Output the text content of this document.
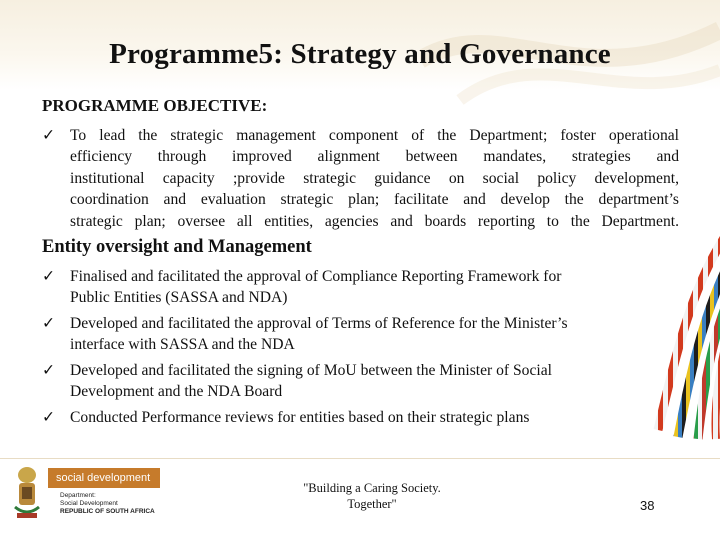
Programme5: Strategy and Governance
PROGRAMME OBJECTIVE:
✓ To lead the strategic management component of the Department; foster operational
efficiency through improved alignment between mandates, strategies and
institutional capacity ;provide strategic guidance on social policy development,
coordination and evaluation strategic plan; facilitate and develop the department’s
strategic plan; oversee all entities, agencies and boards reporting to the Department.
Entity oversight and Management
✓ Finalised and facilitated the approval of Compliance Reporting Framework for
Public Entities (SASSA and NDA)
✓ Developed and facilitated the approval of Terms of Reference for the Minister’s
interface with SASSA and the NDA
✓ Developed and facilitated the signing of MoU between the Minister of Social
Development and the NDA Board
✓ Conducted Performance reviews for entities based on their strategic plans
social development
Department:
Social Development
REPUBLIC OF SOUTH AFRICA
"Building a Caring Society.
Together"	38
